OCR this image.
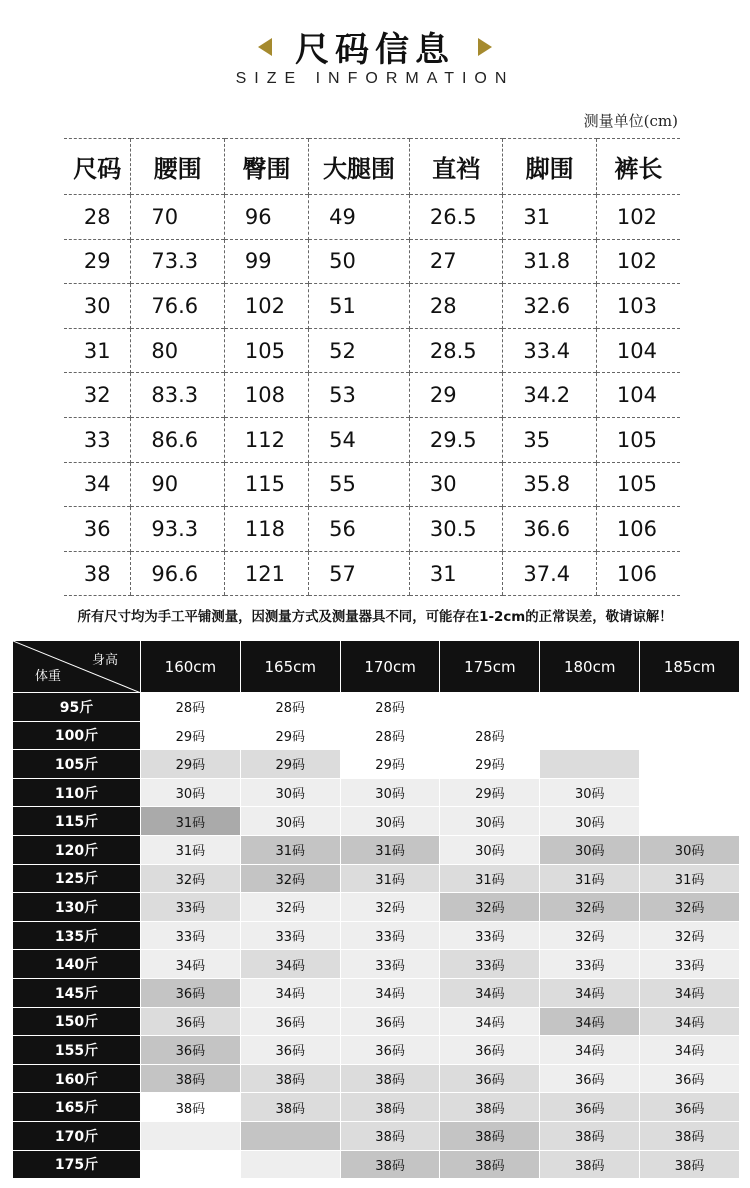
尺码信息
SIZE INFORMATION
测量单位(cm)
尺码	腰围	臀围	大腿围	直裆	脚围	裤长
28	70	96	49	26.5	31	102
29	73.3	99	50	27	31.8	102
30	76.6	102	51	28	32.6	103
31	80	105	52	28.5	33.4	104
32	83.3	108	53	29	34.2	104
33	86.6	112	54	29.5	35	105
34	90	115	55	30	35.8	105
36	93.3	118	56	30.5	36.6	106
38	96.6	121	57	31	37.4	106
所有尺寸均为手工平铺测量，因测量方式及测量器具不同，可能存在1-2cm的正常误差，敬请谅解！
身高
体重	160cm	165cm	170cm	175cm	180cm	185cm
95斤	28码	28码	28码			
100斤	29码	29码	28码	28码		
105斤	29码	29码	29码	29码		
110斤	30码	30码	30码	29码	30码	
115斤	31码	30码	30码	30码	30码	
120斤	31码	31码	31码	30码	30码	30码
125斤	32码	32码	31码	31码	31码	31码
130斤	33码	32码	32码	32码	32码	32码
135斤	33码	33码	33码	33码	32码	32码
140斤	34码	34码	33码	33码	33码	33码
145斤	36码	34码	34码	34码	34码	34码
150斤	36码	36码	36码	34码	34码	34码
155斤	36码	36码	36码	36码	34码	34码
160斤	38码	38码	38码	36码	36码	36码
165斤	38码	38码	38码	38码	36码	36码
170斤			38码	38码	38码	38码
175斤			38码	38码	38码	38码
